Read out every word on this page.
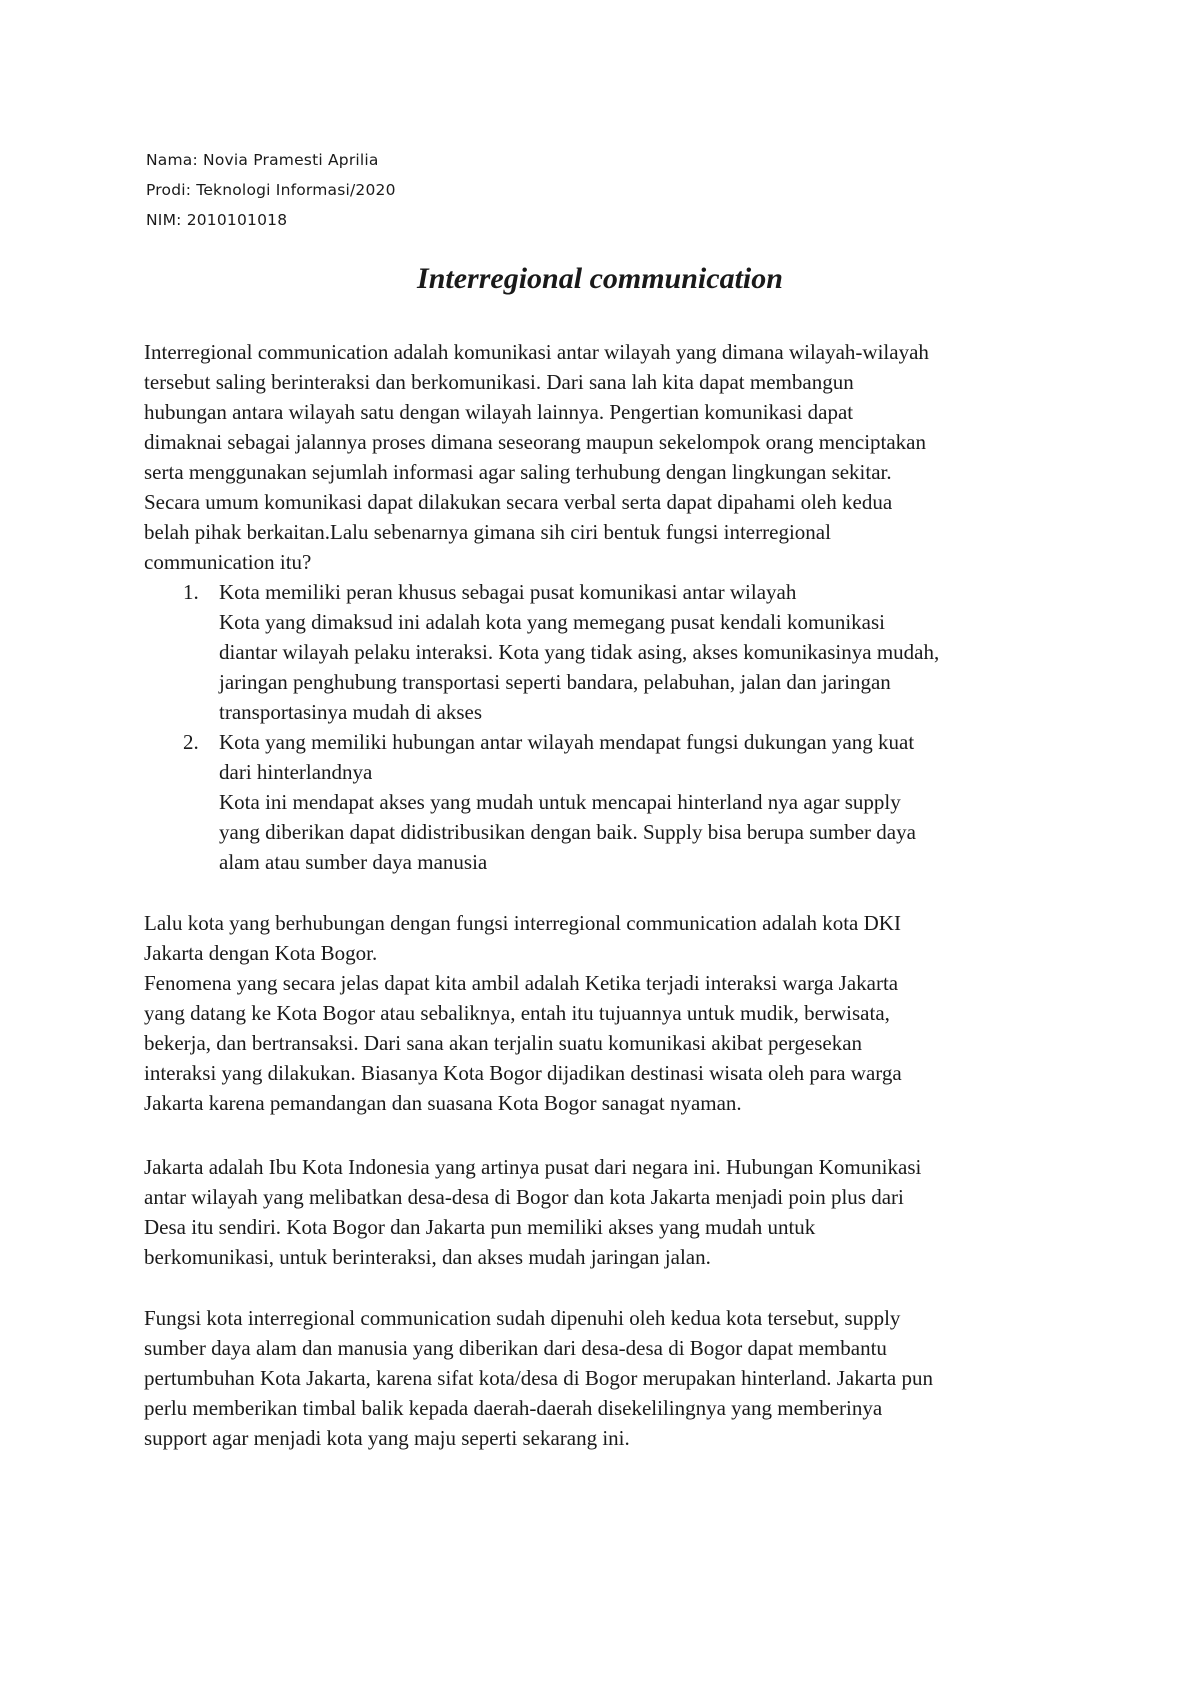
Nama: Novia Pramesti Aprilia
Prodi: Teknologi Informasi/2020
NIM: 2010101018
Interregional communication
Interregional communication adalah komunikasi antar wilayah yang dimana wilayah-wilayah
tersebut saling berinteraksi dan berkomunikasi. Dari sana lah kita dapat membangun
hubungan antara wilayah satu dengan wilayah lainnya. Pengertian komunikasi dapat
dimaknai sebagai jalannya proses dimana seseorang maupun sekelompok orang menciptakan
serta menggunakan sejumlah informasi agar saling terhubung dengan lingkungan sekitar.
Secara umum komunikasi dapat dilakukan secara verbal serta dapat dipahami oleh kedua
belah pihak berkaitan.Lalu sebenarnya gimana sih ciri bentuk fungsi interregional
communication itu?
1. Kota memiliki peran khusus sebagai pusat komunikasi antar wilayah
Kota yang dimaksud ini adalah kota yang memegang pusat kendali komunikasi
diantar wilayah pelaku interaksi. Kota yang tidak asing, akses komunikasinya mudah,
jaringan penghubung transportasi seperti bandara, pelabuhan, jalan dan jaringan
transportasinya mudah di akses
2. Kota yang memiliki hubungan antar wilayah mendapat fungsi dukungan yang kuat
dari hinterlandnya
Kota ini mendapat akses yang mudah untuk mencapai hinterland nya agar supply
yang diberikan dapat didistribusikan dengan baik. Supply bisa berupa sumber daya
alam atau sumber daya manusia
Lalu kota yang berhubungan dengan fungsi interregional communication adalah kota DKI
Jakarta dengan Kota Bogor.
Fenomena yang secara jelas dapat kita ambil adalah Ketika terjadi interaksi warga Jakarta
yang datang ke Kota Bogor atau sebaliknya, entah itu tujuannya untuk mudik, berwisata,
bekerja, dan bertransaksi. Dari sana akan terjalin suatu komunikasi akibat pergesekan
interaksi yang dilakukan. Biasanya Kota Bogor dijadikan destinasi wisata oleh para warga
Jakarta karena pemandangan dan suasana Kota Bogor sanagat nyaman.
Jakarta adalah Ibu Kota Indonesia yang artinya pusat dari negara ini. Hubungan Komunikasi
antar wilayah yang melibatkan desa-desa di Bogor dan kota Jakarta menjadi poin plus dari
Desa itu sendiri. Kota Bogor dan Jakarta pun memiliki akses yang mudah untuk
berkomunikasi, untuk berinteraksi, dan akses mudah jaringan jalan.
Fungsi kota interregional communication sudah dipenuhi oleh kedua kota tersebut, supply
sumber daya alam dan manusia yang diberikan dari desa-desa di Bogor dapat membantu
pertumbuhan Kota Jakarta, karena sifat kota/desa di Bogor merupakan hinterland. Jakarta pun
perlu memberikan timbal balik kepada daerah-daerah disekelilingnya yang memberinya
support agar menjadi kota yang maju seperti sekarang ini.
